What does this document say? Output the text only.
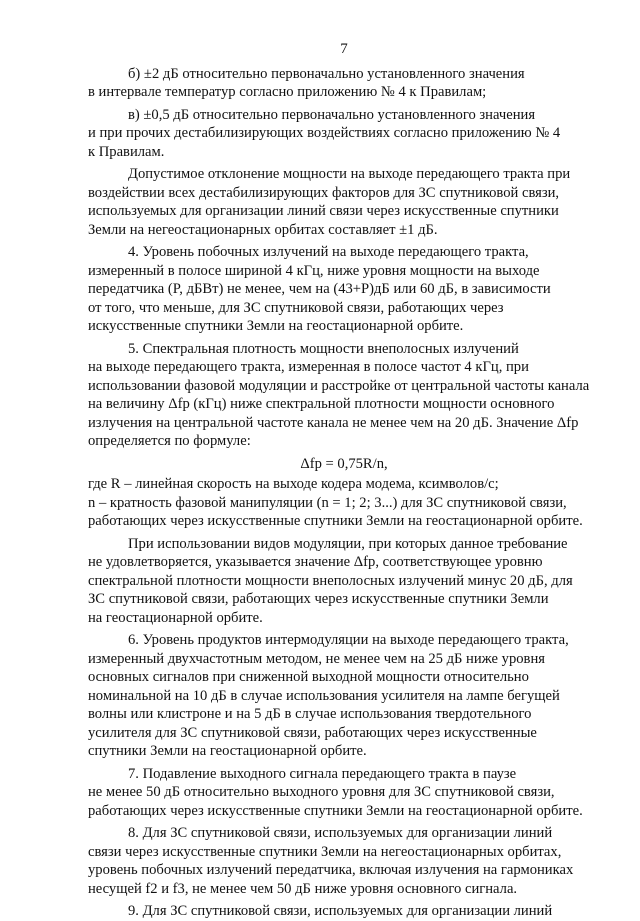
7

б) ±2 дБ относительно первоначально установленного значения
в интервале температур согласно приложению № 4 к Правилам;

в) ±0,5 дБ относительно первоначально установленного значения
и при прочих дестабилизирующих воздействиях согласно приложению № 4
к Правилам.

Допустимое отклонение мощности на выходе передающего тракта при
воздействии всех дестабилизирующих факторов для ЗС спутниковой связи,
используемых для организации линий связи через искусственные спутники
Земли на негеостационарных орбитах составляет ±1 дБ.

4. Уровень побочных излучений на выходе передающего тракта,
измеренный в полосе шириной 4 кГц, ниже уровня мощности на выходе
передатчика (P, дБВт) не менее, чем на (43+P)дБ или 60 дБ, в зависимости
от того, что меньше, для ЗС спутниковой связи, работающих через
искусственные спутники Земли на геостационарной орбите.

5. Спектральная плотность мощности внеполосных излучений
на выходе передающего тракта, измеренная в полосе частот 4 кГц, при
использовании фазовой модуляции и расстройке от центральной частоты канала
на величину Δfр (кГц) ниже спектральной плотности мощности основного
излучения на центральной частоте канала не менее чем на 20 дБ. Значение Δfр
определяется по формуле:

Δfр = 0,75R/n,

где R – линейная скорость на выходе кодера модема, ксимволов/с;
n – кратность фазовой манипуляции (n = 1; 2; 3...) для ЗС спутниковой связи,
работающих через искусственные спутники Земли на геостационарной орбите.

При использовании видов модуляции, при которых данное требование
не удовлетворяется, указывается значение Δfр, соответствующее уровню
спектральной плотности мощности внеполосных излучений минус 20 дБ, для
ЗС спутниковой связи, работающих через искусственные спутники Земли
на геостационарной орбите.

6. Уровень продуктов интермодуляции на выходе передающего тракта,
измеренный двухчастотным методом, не менее чем на 25 дБ ниже уровня
основных сигналов при сниженной выходной мощности относительно
номинальной на 10 дБ в случае использования усилителя на лампе бегущей
волны или клистроне и на 5 дБ в случае использования твердотельного
усилителя для ЗС спутниковой связи, работающих через искусственные
спутники Земли на геостационарной орбите.

7. Подавление выходного сигнала передающего тракта в паузе
не менее 50 дБ относительно выходного уровня для ЗС спутниковой связи,
работающих через искусственные спутники Земли на геостационарной орбите.

8. Для ЗС спутниковой связи, используемых для организации линий
связи через искусственные спутники Земли на негеостационарных орбитах,
уровень побочных излучений передатчика, включая излучения на гармониках
несущей f2 и f3, не менее чем 50 дБ ниже уровня основного сигнала.

9. Для ЗС спутниковой связи, используемых для организации линий
